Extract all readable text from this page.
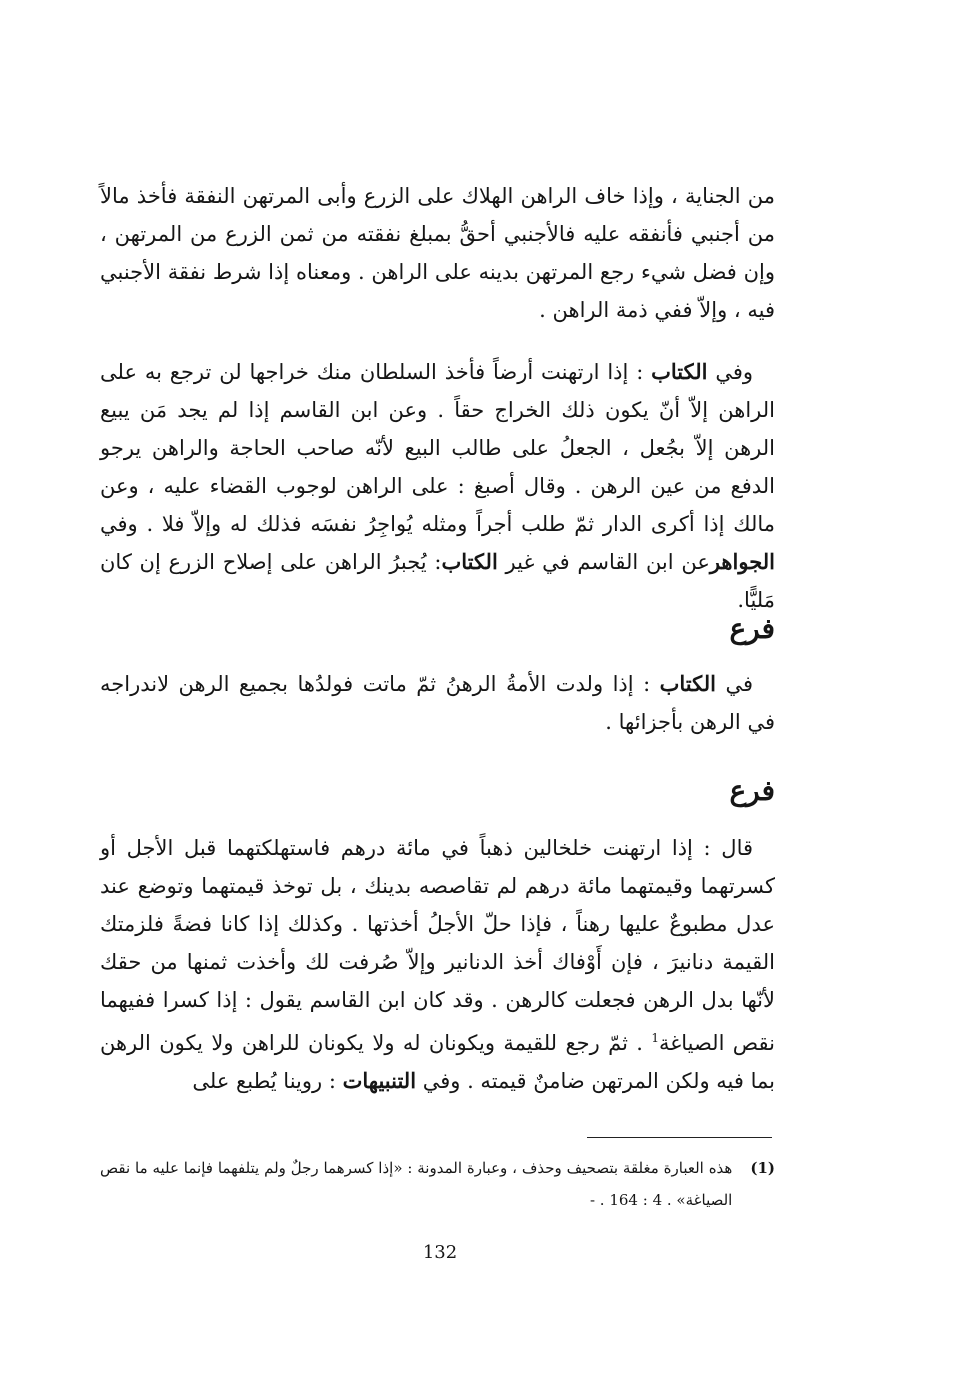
من الجناية ، وإذا خاف الراهن الهلاك على الزرع وأبى المرتهن النفقة فأخذ مالاً من أجنبي فأنفقه عليه فالأجنبي أحقُّ بمبلغ نفقته من ثمن الزرع من المرتهن ، وإن فضل شيء رجع المرتهن بدينه على الراهن . ومعناه إذا شرط نفقة الأجنبي فيه ، وإلاّ ففي ذمة الراهن .

وفي الكتاب : إذا ارتهنت أرضاً فأخذ السلطان منك خراجها لن ترجع به على الراهن إلاّ أنّ يكون ذلك الخراج حقاً . وعن ابن القاسم إذا لم يجد مَن يبيع الرهن إلاّ بجُعل ، الجعلُ على طالب البيع لأنّه صاحب الحاجة والراهن يرجو الدفع من عين الرهن . وقال أصبغ : على الراهن لوجوب القضاء عليه ، وعن مالك إذا أكرى الدار ثمّ طلب أجراً ومثله يُواجِرُ نفسَه فذلك له وإلاّ فلا . وفي الجواهرعن ابن القاسم في غير الكتاب: يُجبرُ الراهن على إصلاح الزرع إن كان مَليًّا.

فرع

في الكتاب : إذا ولدت الأمةُ الرهنُ ثمّ ماتت فولدُها بجميع الرهن لاندراجه في الرهن بأجزائها .

فرع

قال : إذا ارتهنت خلخالين ذهباً في مائة درهم فاستهلكتهما قبل الأجل أو كسرتهما وقيمتهما مائة درهم لم تقاصصه بدينك ، بل توخذ قيمتهما وتوضع عند عدل مطبوعٌ عليها رهناً ، فإذا حلّ الأجلُ أخذتها . وكذلك إذا كانا فضةً فلزمتك القيمة دنانيرَ ، فإن أَوْفاك أخذ الدنانير وإلاّ صُرفت لك وأخذت ثمنها من حقك لأنّها بدل الرهن فجعلت كالرهن . وقد كان ابن القاسم يقول : إذا كسرا ففيهما نقص الصياغة$^1$ . ثمّ رجع للقيمة ويكونان له ولا يكونان للراهن ولا يكون الرهن بما فيه ولكن المرتهن ضامنٌ قيمته . وفي التنبيهات : روينا يُطبع على

(1)
هذه العبارة مغلقة بتصحيف وحذف ، وعبارة المدونة : «إذا كسرهما رجلٌ ولم يتلفهما فإنما عليه ما نقص الصياغة» . 4 : 164 . -
132
